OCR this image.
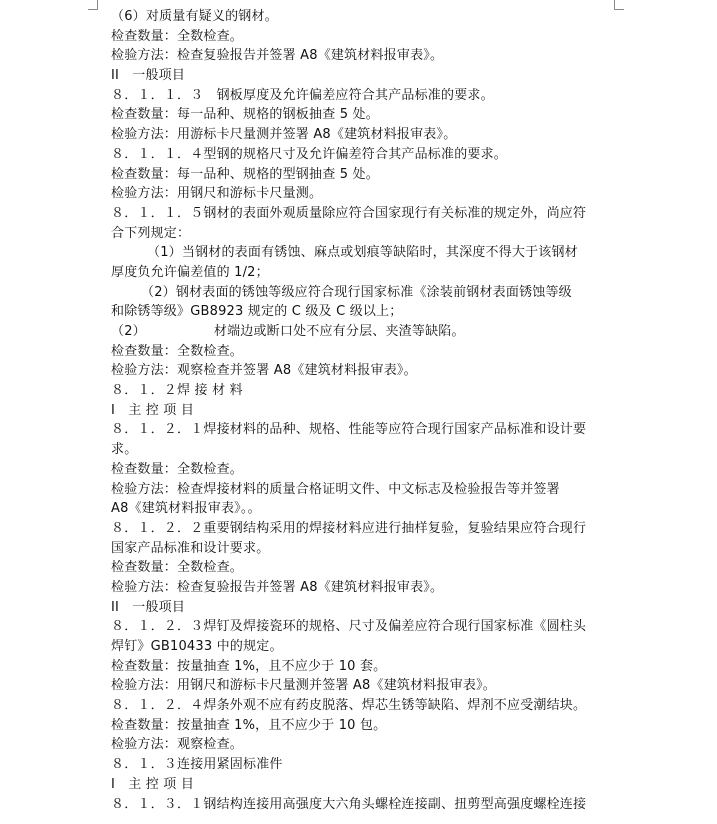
（6）对质量有疑义的钢材。
检查数量：全数检查。
检验方法：检查复验报告并签署 A8《建筑材料报审表》。
II　一般项目
８．１．１．３　钢板厚度及允许偏差应符合其产品标准的要求。
检查数量：每一品种、规格的钢板抽查 5 处。
检验方法：用游标卡尺量测并签署 A8《建筑材料报审表》。
８．１．１．４型钢的规格尺寸及允许偏差符合其产品标准的要求。
检查数量：每一品种、规格的型钢抽查 5 处。
检验方法：用钢尺和游标卡尺量测。
８．１．１．５钢材的表面外观质量除应符合国家现行有关标准的规定外，尚应符
合下列规定：
（1）当钢材的表面有锈蚀、麻点或划痕等缺陷时，其深度不得大于该钢材
厚度负允许偏差值的 1/2；
（2）钢材表面的锈蚀等级应符合现行国家标准《涂装前钢材表面锈蚀等级
和除锈等级》GB8923 规定的 C 级及 C 级以上；
（2）	材端边或断口处不应有分层、夹渣等缺陷。
检查数量：全数检查。
检验方法：观察检查并签署 A8《建筑材料报审表》。
８．１．２焊 接 材 料
I　主 控 项 目
８．１．２．１焊接材料的品种、规格、性能等应符合现行国家产品标准和设计要
求。
检查数量：全数检查。
检验方法：检查焊接材料的质量合格证明文件、中文标志及检验报告等并签署
A8《建筑材料报审表》。。
８．１．２．２重要钢结构采用的焊接材料应进行抽样复验，复验结果应符合现行
国家产品标准和设计要求。
检查数量：全数检查。
检验方法：检查复验报告并签署 A8《建筑材料报审表》。
II　一般项目
８．１．２．３焊钉及焊接瓷环的规格、尺寸及偏差应符合现行国家标准《圆柱头
焊钉》GB10433 中的规定。
检查数量：按量抽查 1%，且不应少于 10 套。
检验方法：用钢尺和游标卡尺量测并签署 A8《建筑材料报审表》。
８．１．２．４焊条外观不应有药皮脱落、焊芯生锈等缺陷、焊剂不应受潮结块。
检查数量：按量抽查 1%，且不应少于 10 包。
检验方法：观察检查。
８．１．３连接用紧固标准件
I　主 控 项 目
８．１．３．１钢结构连接用高强度大六角头螺栓连接副、扭剪型高强度螺栓连接
